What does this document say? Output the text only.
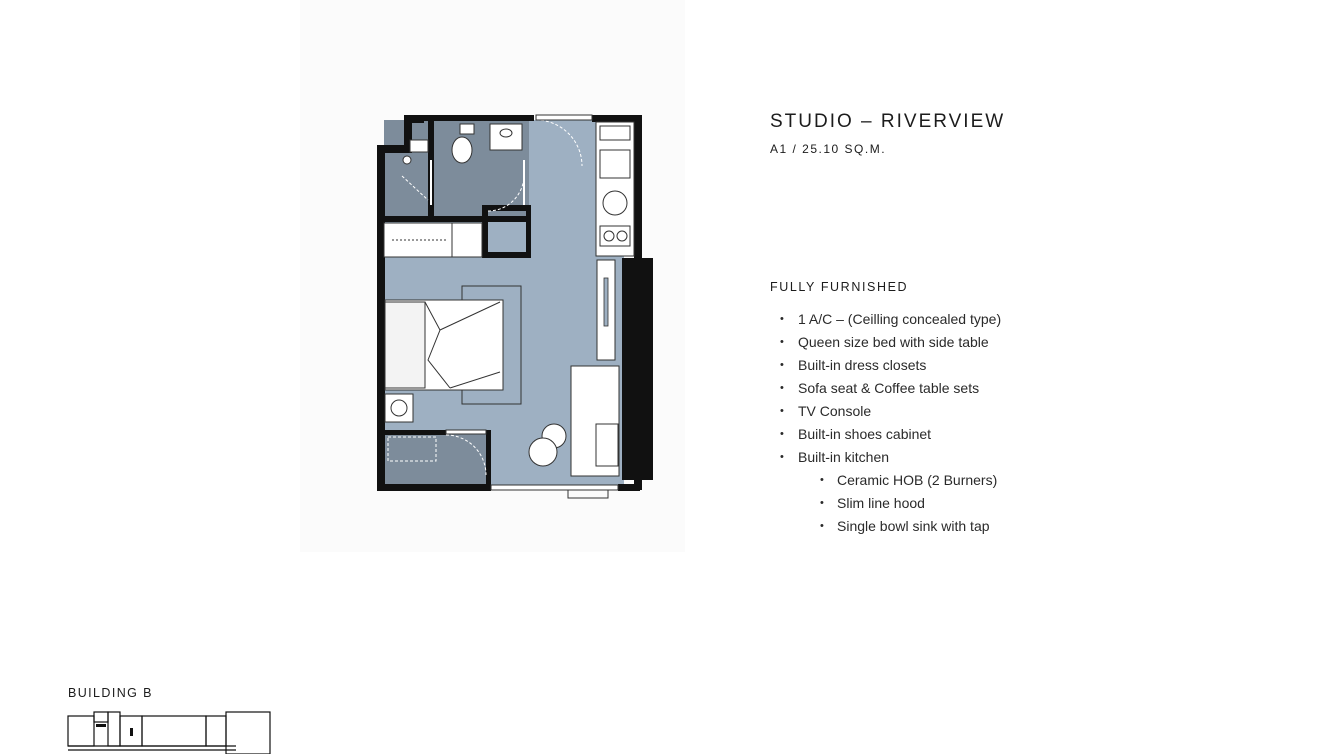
STUDIO – RIVERVIEW
A1 / 25.10 SQ.M.
FULLY FURNISHED
• 1 A/C – (Ceilling concealed type)
• Queen size bed with side table
• Built-in dress closets
• Sofa seat & Coffee table sets
• TV Console
• Built-in shoes cabinet
• Built-in kitchen
• Ceramic HOB (2 Burners)
• Slim line hood
• Single bowl sink with tap
BUILDING B
